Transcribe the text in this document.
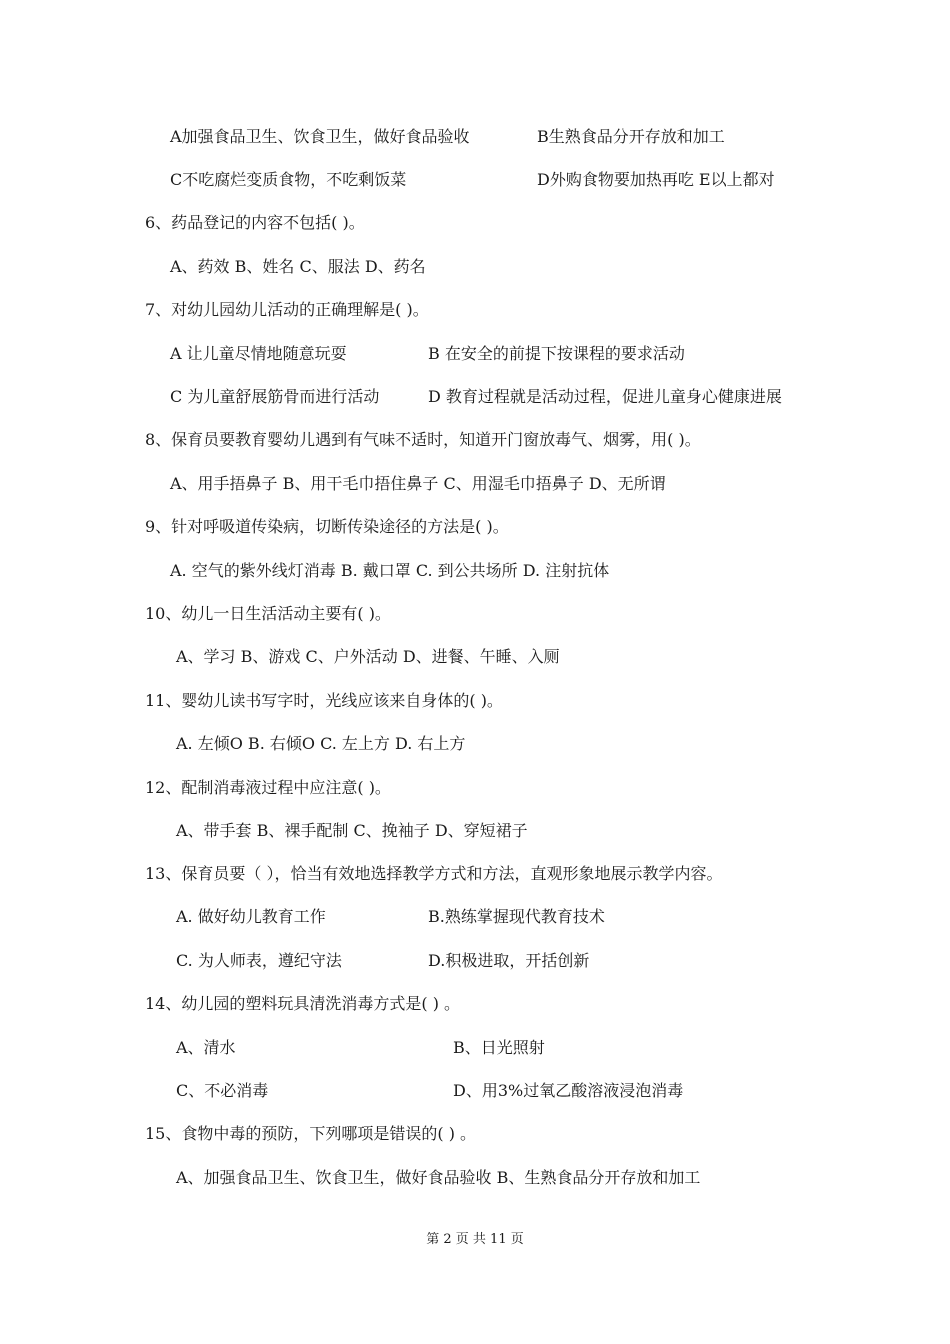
A加强食品卫生、饮食卫生，做好食品验收	B生熟食品分开存放和加工
C不吃腐烂变质食物，不吃剩饭菜	D外购食物要加热再吃 E以上都对
6、药品登记的内容不包括( )。
A、药效 B、姓名 C、服法 D、药名
7、对幼儿园幼儿活动的正确理解是( )。
A 让儿童尽情地随意玩耍	B 在安全的前提下按课程的要求活动
C 为儿童舒展筋骨而进行活动	D 教育过程就是活动过程，促进儿童身心健康进展
8、保育员要教育婴幼儿遇到有气味不适时，知道开门窗放毒气、烟雾，用( )。
A、用手捂鼻子 B、用干毛巾捂住鼻子 C、用湿毛巾捂鼻子 D、无所谓
9、针对呼吸道传染病，切断传染途径的方法是( )。
A. 空气的紫外线灯消毒 B. 戴口罩 C. 到公共场所 D. 注射抗体
10、幼儿一日生活活动主要有( )。
A、学习 B、游戏 C、户外活动 D、进餐、午睡、入厕
11、婴幼儿读书写字时，光线应该来自身体的( )。
A. 左倾O B. 右倾O C. 左上方 D. 右上方
12、配制消毒液过程中应注意( )。
A、带手套 B、裸手配制 C、挽袖子 D、穿短裙子
13、保育员要（ ），恰当有效地选择教学方式和方法，直观形象地展示教学内容。
A. 做好幼儿教育工作	B.熟练掌握现代教育技术
C. 为人师表，遵纪守法	D.积极进取，开括创新
14、幼儿园的塑料玩具清洗消毒方式是( ) 。
A、清水	B、日光照射
C、不必消毒	D、用3%过氧乙酸溶液浸泡消毒
15、食物中毒的预防，下列哪项是错误的( ) 。
A、加强食品卫生、饮食卫生，做好食品验收 B、生熟食品分开存放和加工
第 2 页 共 11 页
